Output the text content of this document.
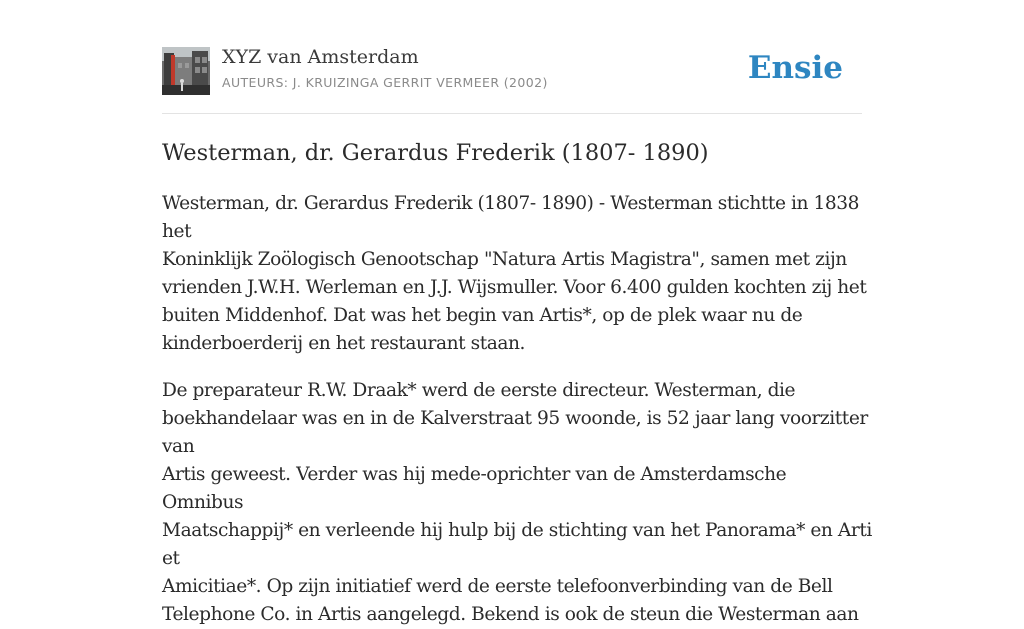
XYZ van Amsterdam
AUTEURS: J. KRUIZINGA GERRIT VERMEER (2002)	Ensie
Westerman, dr. Gerardus Frederik (1807- 1890)

Westerman, dr. Gerardus Frederik (1807- 1890) - Westerman stichtte in 1838 het
Koninklijk Zoölogisch Genootschap "Natura Artis Magistra", samen met zijn
vrienden J.W.H. Werleman en J.J. Wijsmuller. Voor 6.400 gulden kochten zij het
buiten Middenhof. Dat was het begin van Artis*, op de plek waar nu de
kinderboerderij en het restaurant staan.

De preparateur R.W. Draak* werd de eerste directeur. Westerman, die
boekhandelaar was en in de Kalverstraat 95 woonde, is 52 jaar lang voorzitter van
Artis geweest. Verder was hij mede-oprichter van de Amsterdamsche Omnibus
Maatschappij* en verleende hij hulp bij de stichting van het Panorama* en Arti et
Amicitiae*. Op zijn initiatief werd de eerste telefoonverbinding van de Bell
Telephone Co. in Artis aangelegd. Bekend is ook de steun die Westerman aan
